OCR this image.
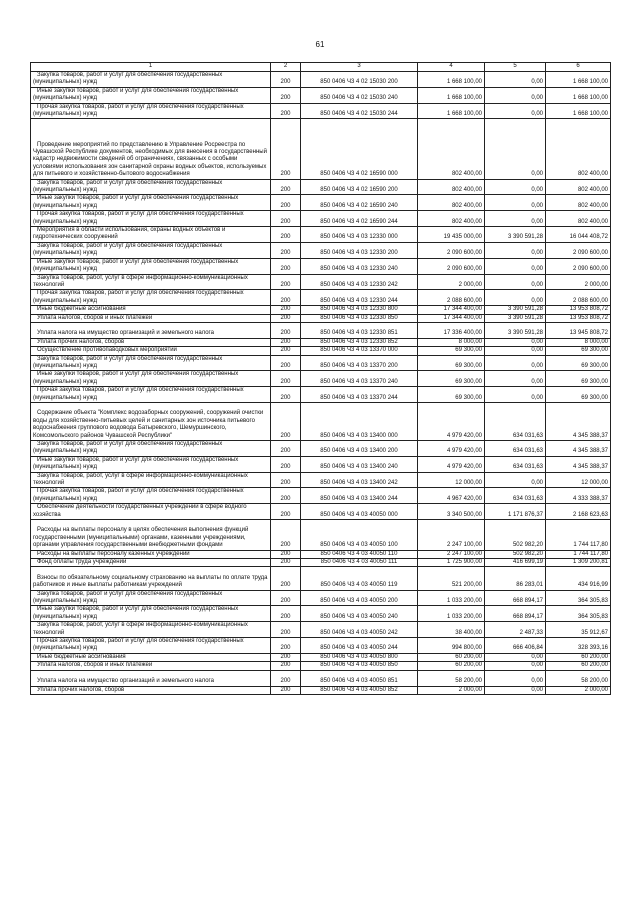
61
1	2	3	4	5	6
Закупка товаров, работ и услуг для обеспечения государственных (муниципальных) нужд	200	850 0406 Ч3 4 02 15030 200	1 668 100,00	0,00	1 668 100,00
Иные закупки товаров, работ и услуг для обеспечения государственных (муниципальных) нужд	200	850 0406 Ч3 4 02 15030 240	1 668 100,00	0,00	1 668 100,00
Прочая закупка товаров, работ и услуг для обеспечения государственных (муниципальных) нужд	200	850 0406 Ч3 4 02 15030 244	1 668 100,00	0,00	1 668 100,00
Проведение мероприятий по представлению в Управление Росреестра по Чувашской Республике документов, необходимых для внесения в государственный кадастр недвижимости сведений об ограничениях, связанных с особыми условиями использования зон санитарной охраны водных объектов, используемых для питьевого и хозяйственно-бытового водоснабжения	200	850 0406 Ч3 4 02 16590 000	802 400,00	0,00	802 400,00
Закупка товаров, работ и услуг для обеспечения государственных (муниципальных) нужд	200	850 0406 Ч3 4 02 16590 200	802 400,00	0,00	802 400,00
Иные закупки товаров, работ и услуг для обеспечения государственных (муниципальных) нужд	200	850 0406 Ч3 4 02 16590 240	802 400,00	0,00	802 400,00
Прочая закупка товаров, работ и услуг для обеспечения государственных (муниципальных) нужд	200	850 0406 Ч3 4 02 16590 244	802 400,00	0,00	802 400,00
Мероприятия в области использования, охраны водных объектов и гидротехнических сооружений	200	850 0406 Ч3 4 03 12330 000	19 435 000,00	3 390 591,28	16 044 408,72
Закупка товаров, работ и услуг для обеспечения государственных (муниципальных) нужд	200	850 0406 Ч3 4 03 12330 200	2 090 600,00	0,00	2 090 600,00
Иные закупки товаров, работ и услуг для обеспечения государственных (муниципальных) нужд	200	850 0406 Ч3 4 03 12330 240	2 090 600,00	0,00	2 090 600,00
Закупка товаров, работ, услуг в сфере информационно-коммуникационных технологий	200	850 0406 Ч3 4 03 12330 242	2 000,00	0,00	2 000,00
Прочая закупка товаров, работ и услуг для обеспечения государственных (муниципальных) нужд	200	850 0406 Ч3 4 03 12330 244	2 088 600,00	0,00	2 088 600,00
Иные бюджетные ассигнования	200	850 0406 Ч3 4 03 12330 800	17 344 400,00	3 390 591,28	13 953 808,72
Уплата налогов, сборов и иных платежей	200	850 0406 Ч3 4 03 12330 850	17 344 400,00	3 390 591,28	13 953 808,72
Уплата налога на имущество организаций и земельного налога	200	850 0406 Ч3 4 03 12330 851	17 336 400,00	3 390 591,28	13 945 808,72
Уплата прочих налогов, сборов	200	850 0406 Ч3 4 03 12330 852	8 000,00	0,00	8 000,00
Осуществление противопаводковых мероприятий	200	850 0406 Ч3 4 03 13370 000	69 300,00	0,00	69 300,00
Закупка товаров, работ и услуг для обеспечения государственных (муниципальных) нужд	200	850 0406 Ч3 4 03 13370 200	69 300,00	0,00	69 300,00
Иные закупки товаров, работ и услуг для обеспечения государственных (муниципальных) нужд	200	850 0406 Ч3 4 03 13370 240	69 300,00	0,00	69 300,00
Прочая закупка товаров, работ и услуг для обеспечения государственных (муниципальных) нужд	200	850 0406 Ч3 4 03 13370 244	69 300,00	0,00	69 300,00
Содержание объекта "Комплекс водозаборных сооружений, сооружений очистки воды для хозяйственно-питьевых целей и санитарных зон источника питьевого водоснабжения группового водовода Батыревского, Шемуршинского, Комсомольского районов Чувашской Республики"	200	850 0406 Ч3 4 03 13400 000	4 979 420,00	634 031,63	4 345 388,37
Закупка товаров, работ и услуг для обеспечения государственных (муниципальных) нужд	200	850 0406 Ч3 4 03 13400 200	4 979 420,00	634 031,63	4 345 388,37
Иные закупки товаров, работ и услуг для обеспечения государственных (муниципальных) нужд	200	850 0406 Ч3 4 03 13400 240	4 979 420,00	634 031,63	4 345 388,37
Закупка товаров, работ, услуг в сфере информационно-коммуникационных технологий	200	850 0406 Ч3 4 03 13400 242	12 000,00	0,00	12 000,00
Прочая закупка товаров, работ и услуг для обеспечения государственных (муниципальных) нужд	200	850 0406 Ч3 4 03 13400 244	4 967 420,00	634 031,63	4 333 388,37
Обеспечение деятельности государственных учреждений в сфере водного хозяйства	200	850 0406 Ч3 4 03 40050 000	3 340 500,00	1 171 876,37	2 168 623,63
Расходы на выплаты персоналу в целях обеспечения выполнения функций государственными (муниципальными) органами, казенными учреждениями, органами управления государственными внебюджетными фондами	200	850 0406 Ч3 4 03 40050 100	2 247 100,00	502 982,20	1 744 117,80
Расходы на выплаты персоналу казенных учреждений	200	850 0406 Ч3 4 03 40050 110	2 247 100,00	502 982,20	1 744 117,80
Фонд оплаты труда учреждений	200	850 0406 Ч3 4 03 40050 111	1 725 900,00	416 699,19	1 309 200,81
Взносы по обязательному социальному страхованию на выплаты по оплате труда работников и иные выплаты работникам учреждений	200	850 0406 Ч3 4 03 40050 119	521 200,00	86 283,01	434 916,99
Закупка товаров, работ и услуг для обеспечения государственных (муниципальных) нужд	200	850 0406 Ч3 4 03 40050 200	1 033 200,00	668 894,17	364 305,83
Иные закупки товаров, работ и услуг для обеспечения государственных (муниципальных) нужд	200	850 0406 Ч3 4 03 40050 240	1 033 200,00	668 894,17	364 305,83
Закупка товаров, работ, услуг в сфере информационно-коммуникационных технологий	200	850 0406 Ч3 4 03 40050 242	38 400,00	2 487,33	35 912,67
Прочая закупка товаров, работ и услуг для обеспечения государственных (муниципальных) нужд	200	850 0406 Ч3 4 03 40050 244	994 800,00	666 406,84	328 393,16
Иные бюджетные ассигнования	200	850 0406 Ч3 4 03 40050 800	60 200,00	0,00	60 200,00
Уплата налогов, сборов и иных платежей	200	850 0406 Ч3 4 03 40050 850	60 200,00	0,00	60 200,00
Уплата налога на имущество организаций и земельного налога	200	850 0406 Ч3 4 03 40050 851	58 200,00	0,00	58 200,00
Уплата прочих налогов, сборов	200	850 0406 Ч3 4 03 40050 852	2 000,00	0,00	2 000,00
